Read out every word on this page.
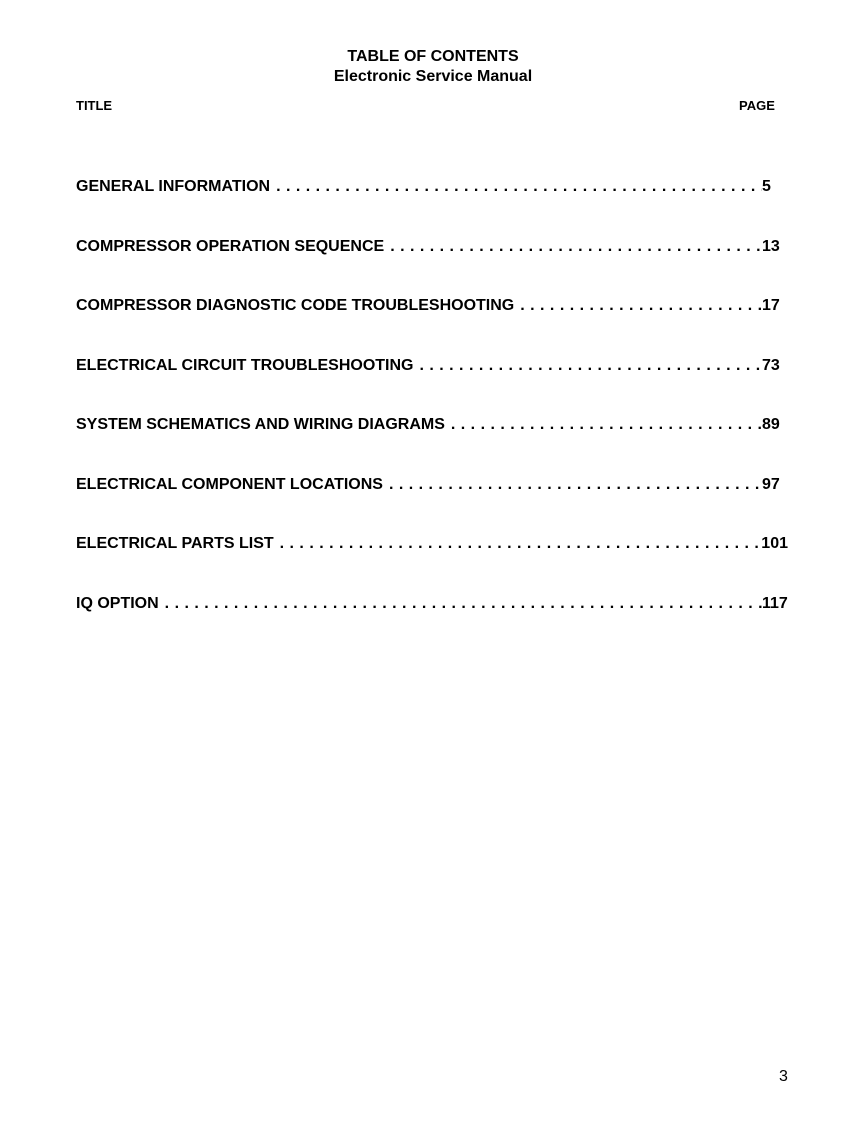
TABLE OF CONTENTS
Electronic Service Manual
TITLE	PAGE
GENERAL INFORMATION . . .	5
COMPRESSOR OPERATION SEQUENCE . . .	13
COMPRESSOR DIAGNOSTIC CODE TROUBLESHOOTING . . .	17
ELECTRICAL CIRCUIT TROUBLESHOOTING . . .	73
SYSTEM SCHEMATICS AND WIRING DIAGRAMS . . .	89
ELECTRICAL COMPONENT LOCATIONS . . .	97
ELECTRICAL PARTS LIST . . .	101
IQ OPTION . . .	117
3
